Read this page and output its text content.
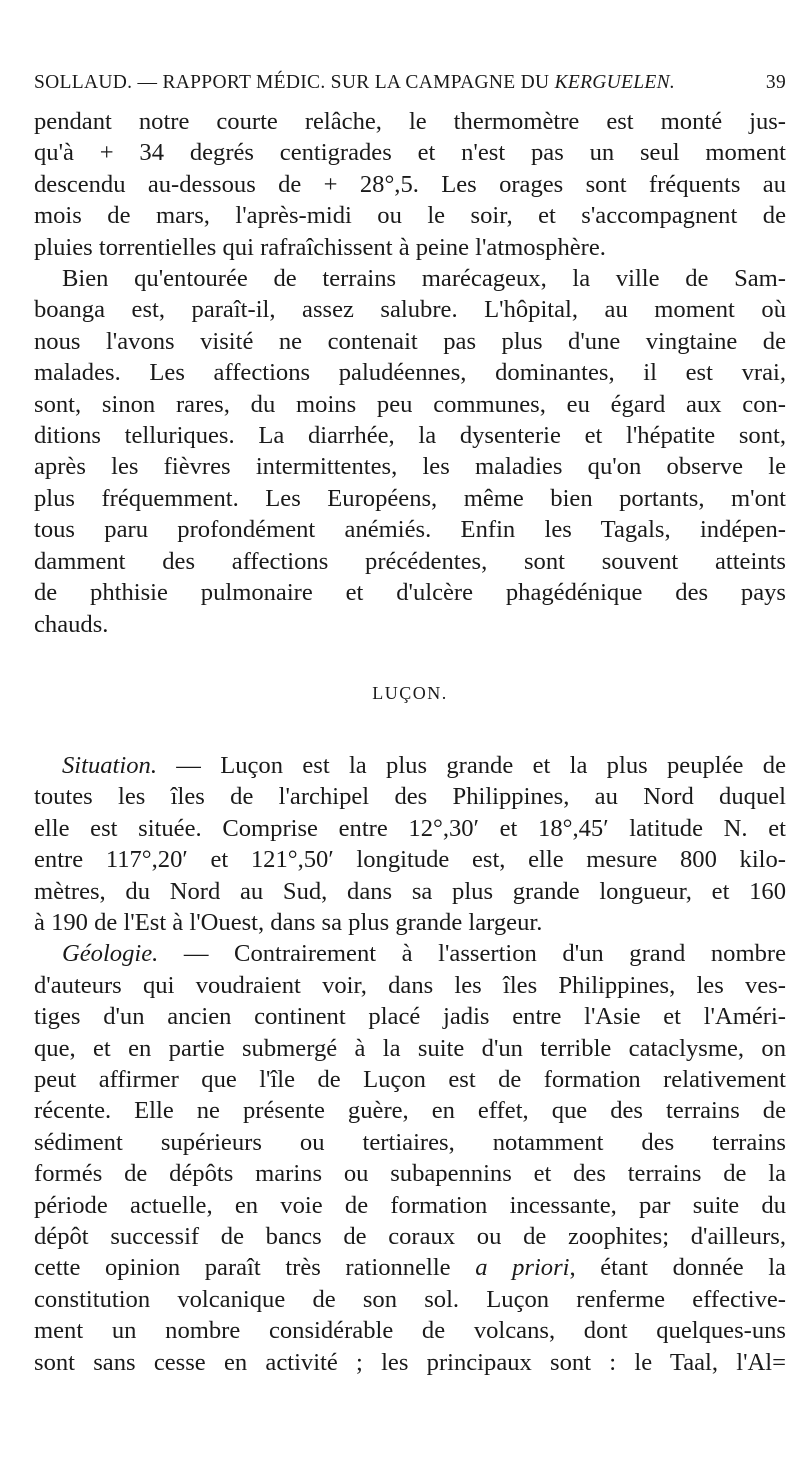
SOLLAUD. — RAPPORT MÉDIC. SUR LA CAMPAGNE DU KERGUELEN.	39

pendant notre courte relâche, le thermomètre est monté jus-
qu'à + 34 degrés centigrades et n'est pas un seul moment
descendu au-dessous de + 28°,5. Les orages sont fréquents au
mois de mars, l'après-midi ou le soir, et s'accompagnent de
pluies torrentielles qui rafraîchissent à peine l'atmosphère.

Bien qu'entourée de terrains marécageux, la ville de Sam-
boanga est, paraît-il, assez salubre. L'hôpital, au moment où
nous l'avons visité ne contenait pas plus d'une vingtaine de
malades. Les affections paludéennes, dominantes, il est vrai,
sont, sinon rares, du moins peu communes, eu égard aux con-
ditions telluriques. La diarrhée, la dysenterie et l'hépatite sont,
après les fièvres intermittentes, les maladies qu'on observe le
plus fréquemment. Les Européens, même bien portants, m'ont
tous paru profondément anémiés. Enfin les Tagals, indépen-
damment des affections précédentes, sont souvent atteints
de phthisie pulmonaire et d'ulcère phagédénique des pays
chauds.

LUÇON.

Situation. — Luçon est la plus grande et la plus peuplée de
toutes les îles de l'archipel des Philippines, au Nord duquel
elle est située. Comprise entre 12°,30′ et 18°,45′ latitude N. et
entre 117°,20′ et 121°,50′ longitude est, elle mesure 800 kilo-
mètres, du Nord au Sud, dans sa plus grande longueur, et 160
à 190 de l'Est à l'Ouest, dans sa plus grande largeur.

Géologie. — Contrairement à l'assertion d'un grand nombre
d'auteurs qui voudraient voir, dans les îles Philippines, les ves-
tiges d'un ancien continent placé jadis entre l'Asie et l'Améri-
que, et en partie submergé à la suite d'un terrible cataclysme, on
peut affirmer que l'île de Luçon est de formation relativement
récente. Elle ne présente guère, en effet, que des terrains de
sédiment supérieurs ou tertiaires, notamment des terrains
formés de dépôts marins ou subapennins et des terrains de la
période actuelle, en voie de formation incessante, par suite du
dépôt successif de bancs de coraux ou de zoophites; d'ailleurs,
cette opinion paraît très rationnelle a priori, étant donnée la
constitution volcanique de son sol. Luçon renferme effective-
ment un nombre considérable de volcans, dont quelques-uns
sont sans cesse en activité ; les principaux sont : le Taal, l'Al=
